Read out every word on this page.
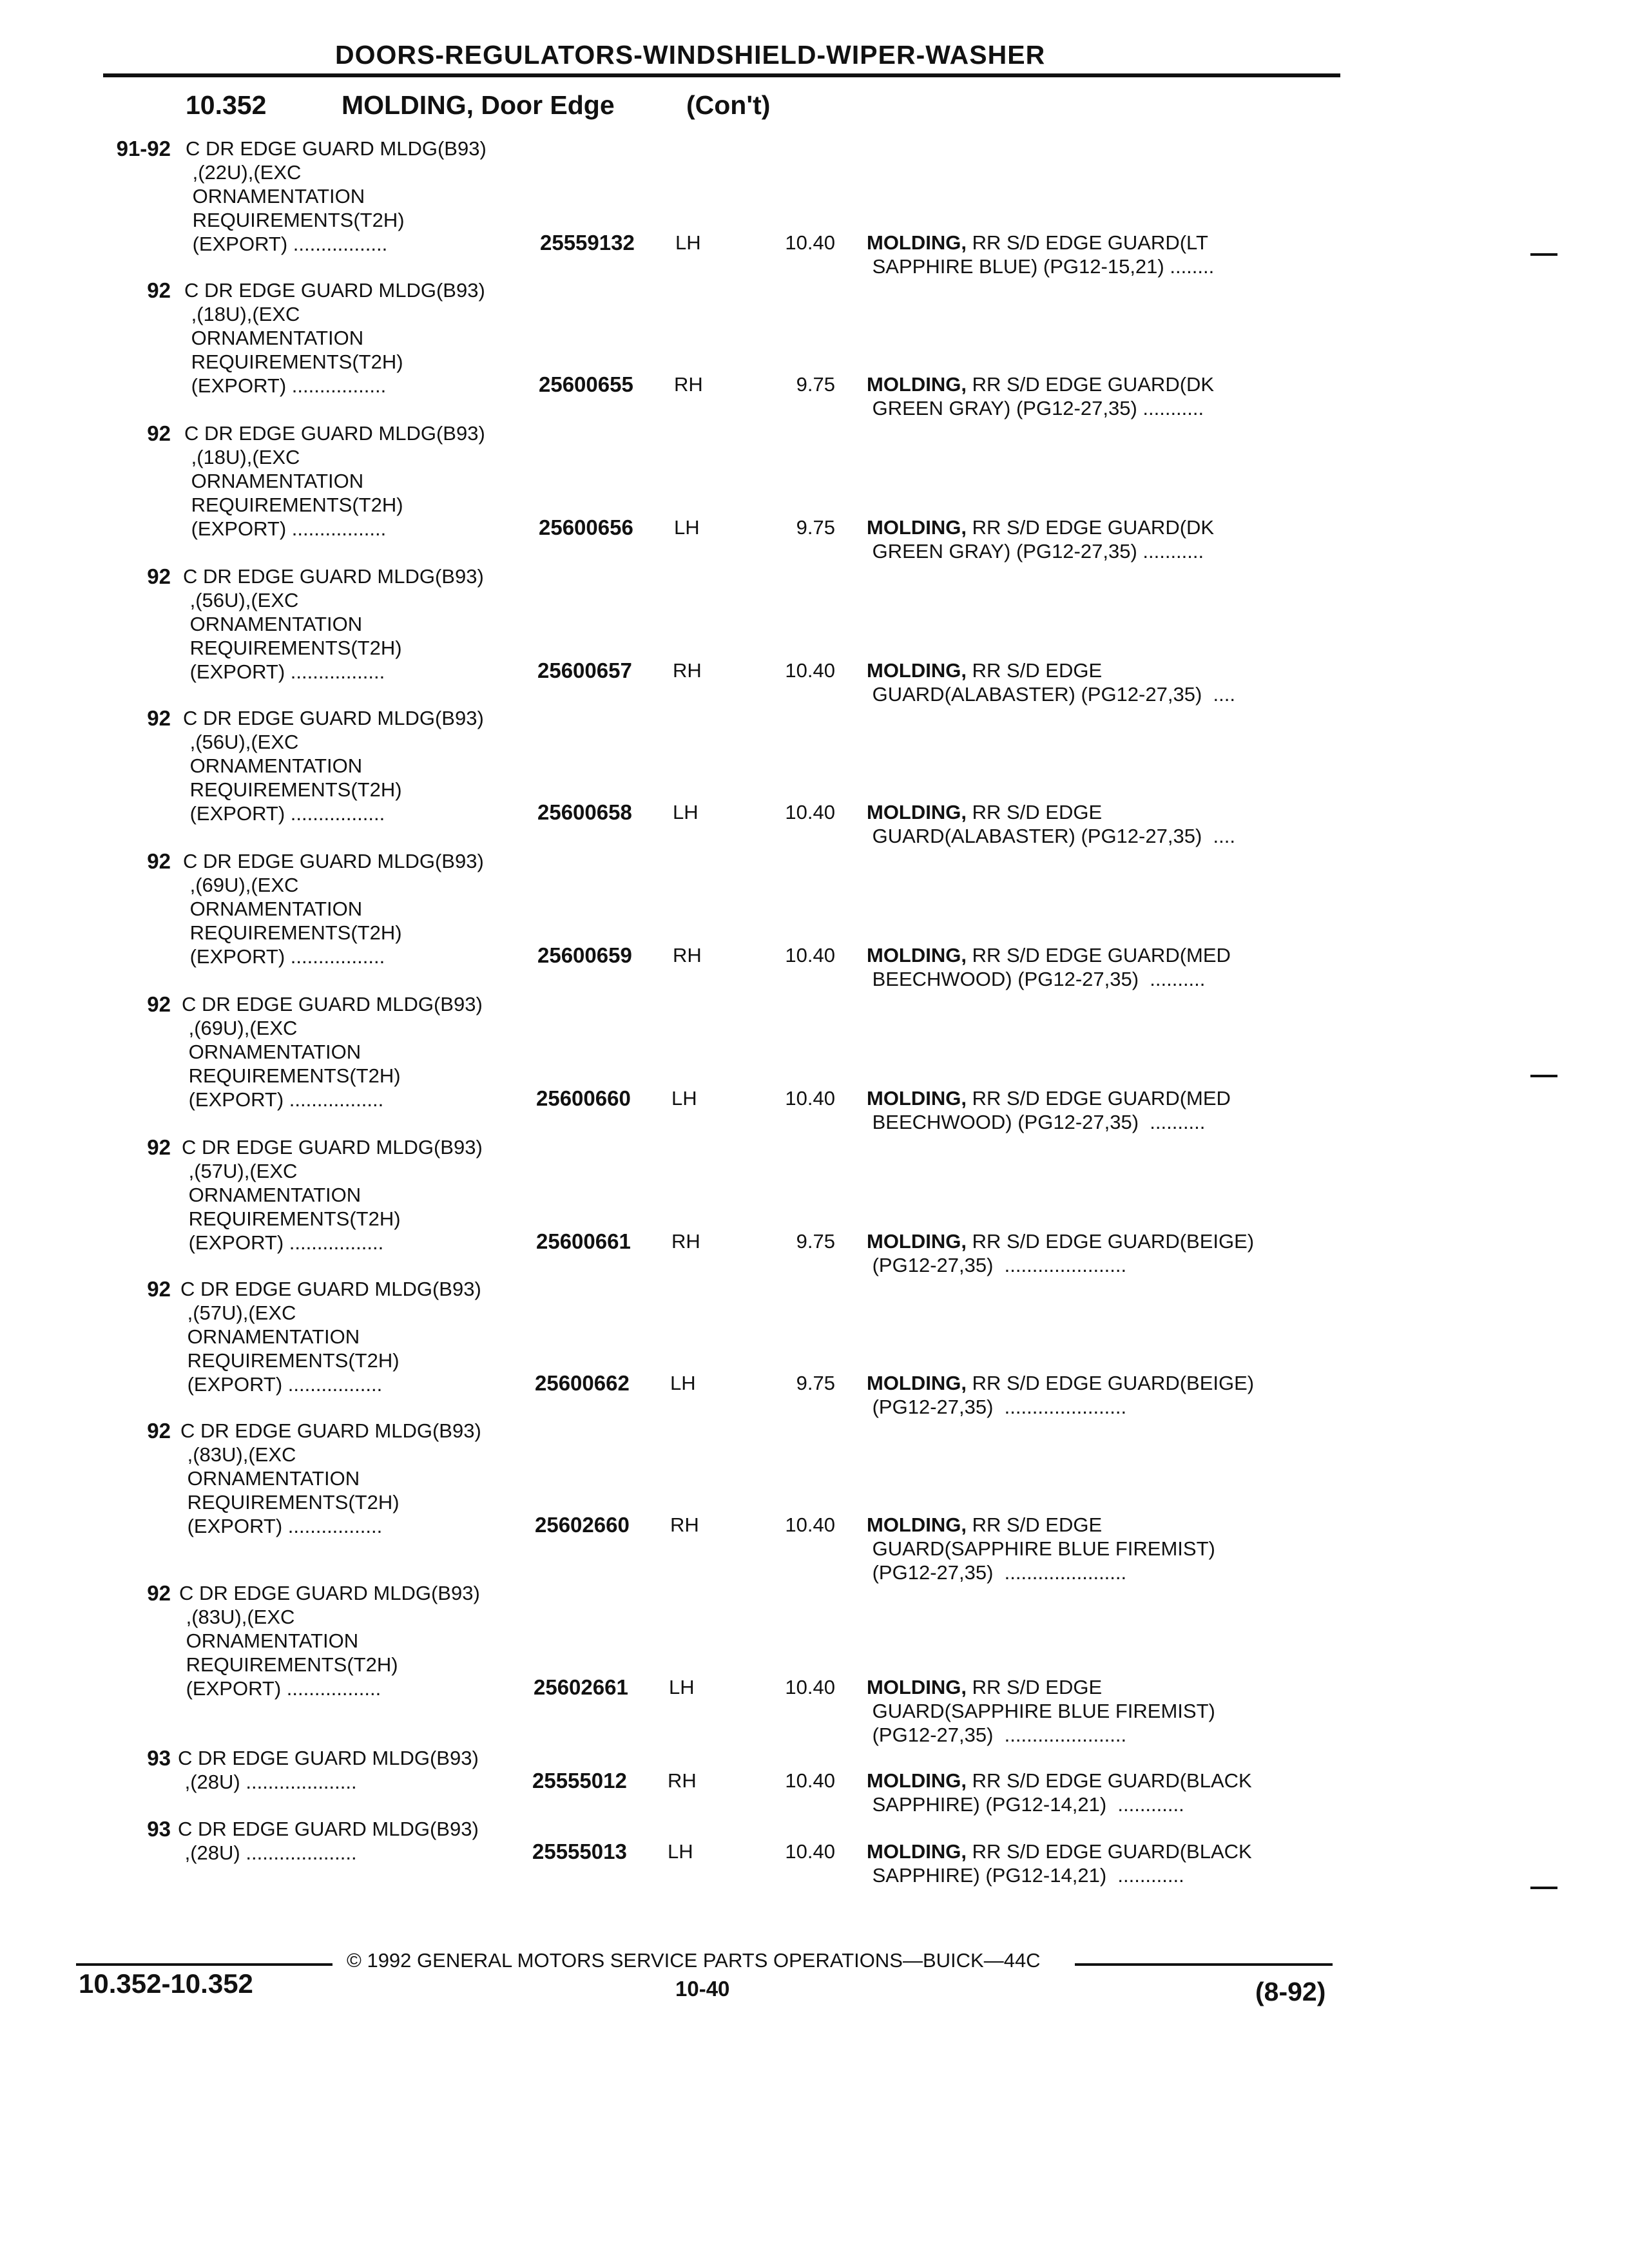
DOORS-REGULATORS-WINDSHIELD-WIPER-WASHER
10.352	MOLDING, Door Edge	(Con't)
91-92 C DR EDGE GUARD MLDG(B93)
,(22U),(EXC
ORNAMENTATION
REQUIREMENTS(T2H)
(EXPORT) .................	25559132 LH	10.40 MOLDING, RR S/D EDGE GUARD(LT
SAPPHIRE BLUE) (PG12-15,21) ........
92 C DR EDGE GUARD MLDG(B93)
,(18U),(EXC
ORNAMENTATION
REQUIREMENTS(T2H)
(EXPORT) .................	25600655 RH	9.75 MOLDING, RR S/D EDGE GUARD(DK
GREEN GRAY) (PG12-27,35) ...........
92 C DR EDGE GUARD MLDG(B93)
,(18U),(EXC
ORNAMENTATION
REQUIREMENTS(T2H)
(EXPORT) .................	25600656 LH	9.75 MOLDING, RR S/D EDGE GUARD(DK
GREEN GRAY) (PG12-27,35) ...........
92 C DR EDGE GUARD MLDG(B93)
,(56U),(EXC
ORNAMENTATION
REQUIREMENTS(T2H)
(EXPORT) .................	25600657 RH	10.40 MOLDING, RR S/D EDGE
GUARD(ALABASTER) (PG12-27,35)  ....
92 C DR EDGE GUARD MLDG(B93)
,(56U),(EXC
ORNAMENTATION
REQUIREMENTS(T2H)
(EXPORT) .................	25600658 LH	10.40 MOLDING, RR S/D EDGE
GUARD(ALABASTER) (PG12-27,35)  ....
92 C DR EDGE GUARD MLDG(B93)
,(69U),(EXC
ORNAMENTATION
REQUIREMENTS(T2H)
(EXPORT) .................	25600659 RH	10.40 MOLDING, RR S/D EDGE GUARD(MED
BEECHWOOD) (PG12-27,35)  ..........
92 C DR EDGE GUARD MLDG(B93)
,(69U),(EXC
ORNAMENTATION
REQUIREMENTS(T2H)
(EXPORT) .................	25600660 LH	10.40 MOLDING, RR S/D EDGE GUARD(MED
BEECHWOOD) (PG12-27,35)  ..........
92 C DR EDGE GUARD MLDG(B93)
,(57U),(EXC
ORNAMENTATION
REQUIREMENTS(T2H)
(EXPORT) .................	25600661 RH	9.75 MOLDING, RR S/D EDGE GUARD(BEIGE)
(PG12-27,35)  ......................
92 C DR EDGE GUARD MLDG(B93)
,(57U),(EXC
ORNAMENTATION
REQUIREMENTS(T2H)
(EXPORT) .................	25600662 LH	9.75 MOLDING, RR S/D EDGE GUARD(BEIGE)
(PG12-27,35)  ......................
92 C DR EDGE GUARD MLDG(B93)
,(83U),(EXC
ORNAMENTATION
REQUIREMENTS(T2H)
(EXPORT) .................	25602660 RH	10.40 MOLDING, RR S/D EDGE
GUARD(SAPPHIRE BLUE FIREMIST)
(PG12-27,35)  ......................
92 C DR EDGE GUARD MLDG(B93)
,(83U),(EXC
ORNAMENTATION
REQUIREMENTS(T2H)
(EXPORT) .................	25602661 LH	10.40 MOLDING, RR S/D EDGE
GUARD(SAPPHIRE BLUE FIREMIST)
(PG12-27,35)  ......................
93 C DR EDGE GUARD MLDG(B93)
,(28U) ....................	25555012 RH	10.40 MOLDING, RR S/D EDGE GUARD(BLACK
SAPPHIRE) (PG12-14,21)  ............
93 C DR EDGE GUARD MLDG(B93)
,(28U) ....................	25555013 LH	10.40 MOLDING, RR S/D EDGE GUARD(BLACK
SAPPHIRE) (PG12-14,21)  ............
© 1992 GENERAL MOTORS SERVICE PARTS OPERATIONS—BUICK—44C
10.352-10.352	10-40	(8-92)
